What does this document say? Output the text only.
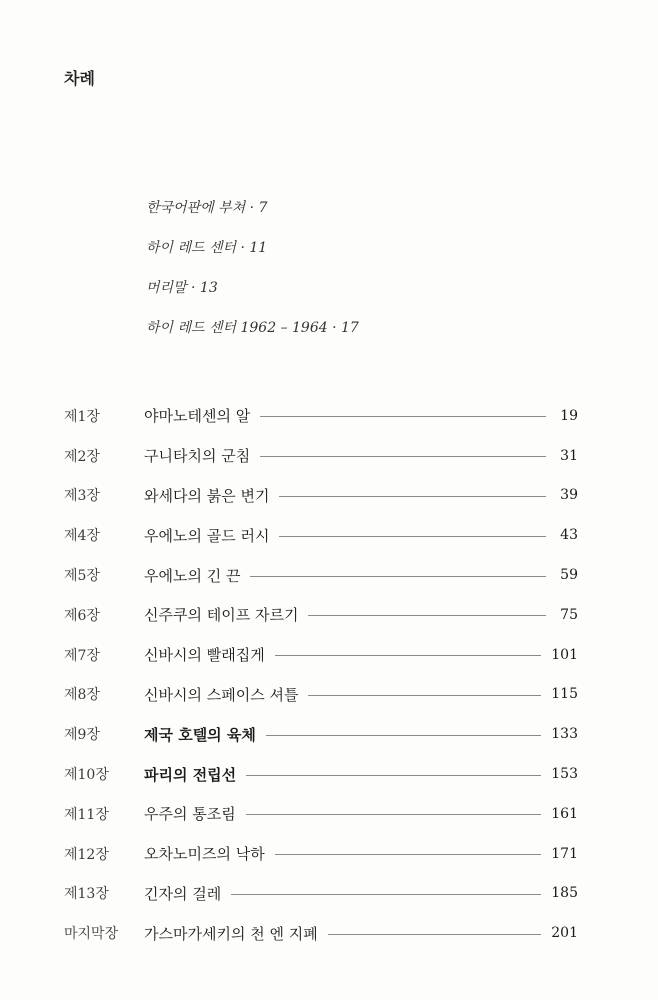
차례
한국어판에 부쳐 · 7
하이 레드 센터 · 11
머리말 · 13
하이 레드 센터 1962 – 1964 · 17
제1장	야마노테센의 알	19
제2장	구니타치의 군침	31
제3장	와세다의 붉은 변기	39
제4장	우에노의 골드 러시	43
제5장	우에노의 긴 끈	59
제6장	신주쿠의 테이프 자르기	75
제7장	신바시의 빨래집게	101
제8장	신바시의 스페이스 셔틀	115
제9장	제국 호텔의 육체	133
제10장	파리의 전립선	153
제11장	우주의 통조림	161
제12장	오차노미즈의 낙하	171
제13장	긴자의 걸레	185
마지막장	가스마가세키의 천 엔 지폐	201
